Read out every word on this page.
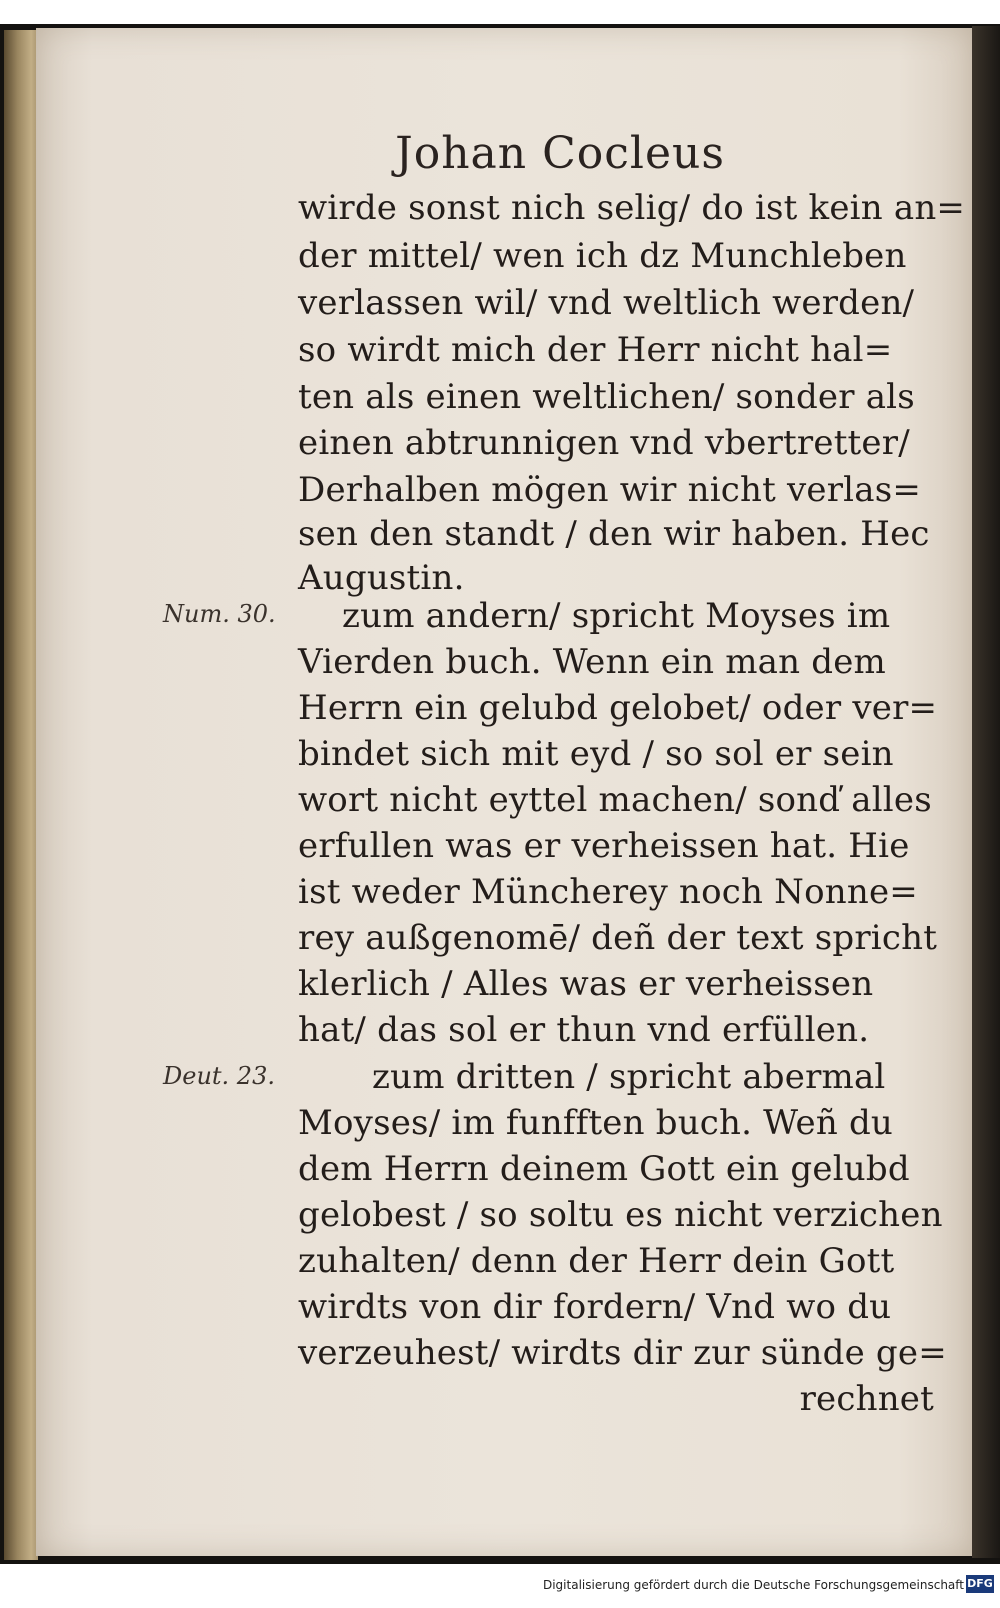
Johan Cocleus
wirde sonst nich selig/ do ist kein an=
der mittel/ wen ich dz Munchleben
verlassen wil/ vnd weltlich werden/
so wirdt mich der Herr nicht hal=
ten als einen weltlichen/ sonder als
einen abtrunnigen vnd vbertretter/
Derhalben mögen wir nicht verlas=
sen den standt / den wir haben. Hec
Augustin.
Num. 30. zum andern/ spricht Moyses im
Vierden buch. Wenn ein man dem
Herrn ein gelubd gelobet/ oder ver=
bindet sich mit eyd / so sol er sein
wort nicht eyttel machen/ sonď alles
erfullen was er verheissen hat. Hie
ist weder Müncherey noch Nonne=
rey außgenomē/ deñ der text spricht
klerlich / Alles was er verheissen
hat/ das sol er thun vnd erfüllen.
Deut. 23.	zum dritten / spricht abermal
Moyses/ im funfften buch. Weñ du
dem Herrn deinem Gott ein gelubd
gelobest / so soltu es nicht verzichen
zuhalten/ denn der Herr dein Gott
wirdts von dir fordern/ Vnd wo du
verzeuhest/ wirdts dir zur sünde ge=
rechnet
Digitalisierung gefördert durch die Deutsche Forschungsgemeinschaft DFG
